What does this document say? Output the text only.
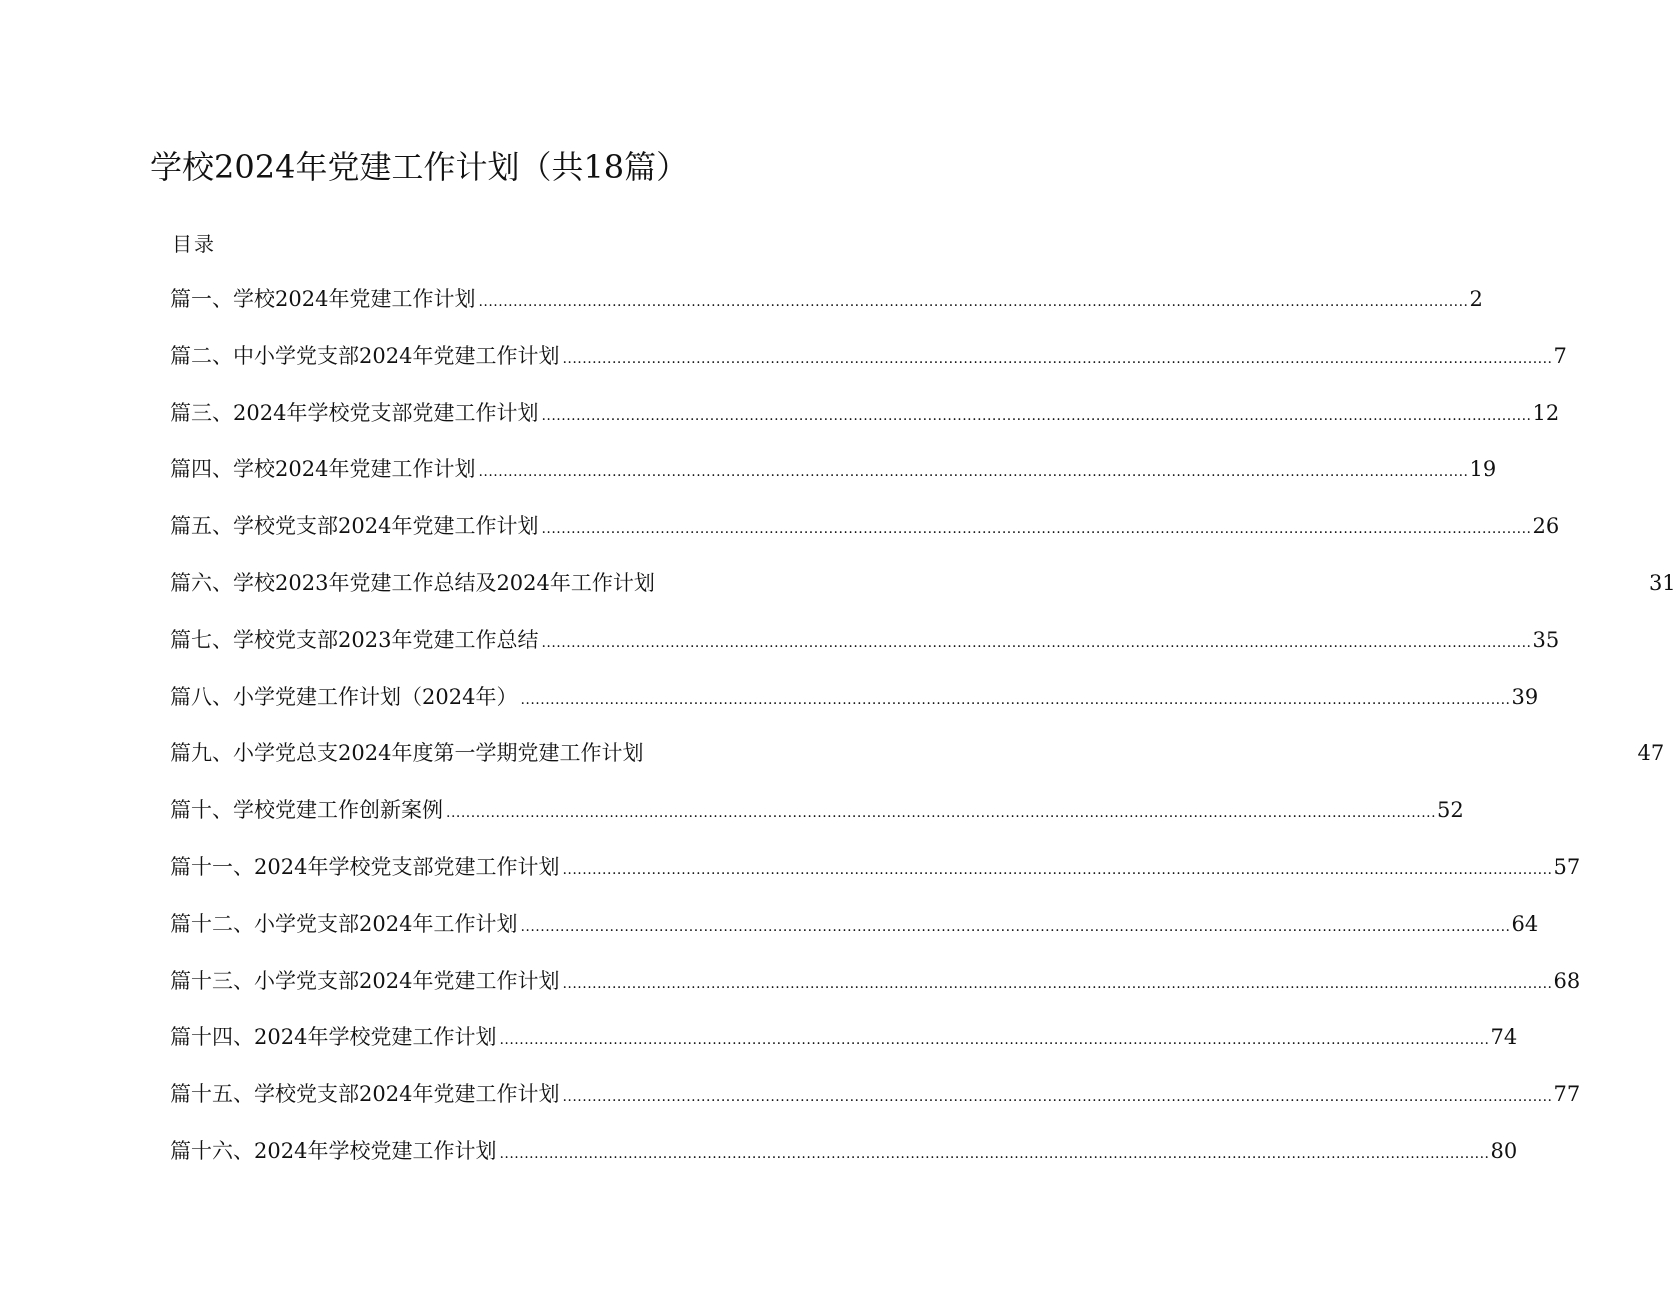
学校2024年党建工作计划（共18篇）
目录
篇一、学校2024年党建工作计划 ........................................................................................................................................................................................................ 2
篇二、中小学党支部2024年党建工作计划 ........................................................................................................................................................................................................ 7
篇三、2024年学校党支部党建工作计划 ........................................................................................................................................................................................................ 12
篇四、学校2024年党建工作计划 ........................................................................................................................................................................................................ 19
篇五、学校党支部2024年党建工作计划 ........................................................................................................................................................................................................ 26
篇六、学校2023年党建工作总结及2024年工作计划	31
篇七、学校党支部2023年党建工作总结 ........................................................................................................................................................................................................ 35
篇八、小学党建工作计划（2024年） ........................................................................................................................................................................................................ 39
篇九、小学党总支2024年度第一学期党建工作计划	47
篇十、学校党建工作创新案例 ........................................................................................................................................................................................................ 52
篇十一、2024年学校党支部党建工作计划 ........................................................................................................................................................................................................ 57
篇十二、小学党支部2024年工作计划 ........................................................................................................................................................................................................ 64
篇十三、小学党支部2024年党建工作计划 ........................................................................................................................................................................................................ 68
篇十四、2024年学校党建工作计划 ........................................................................................................................................................................................................ 74
篇十五、学校党支部2024年党建工作计划 ........................................................................................................................................................................................................ 77
篇十六、2024年学校党建工作计划 ........................................................................................................................................................................................................ 80
